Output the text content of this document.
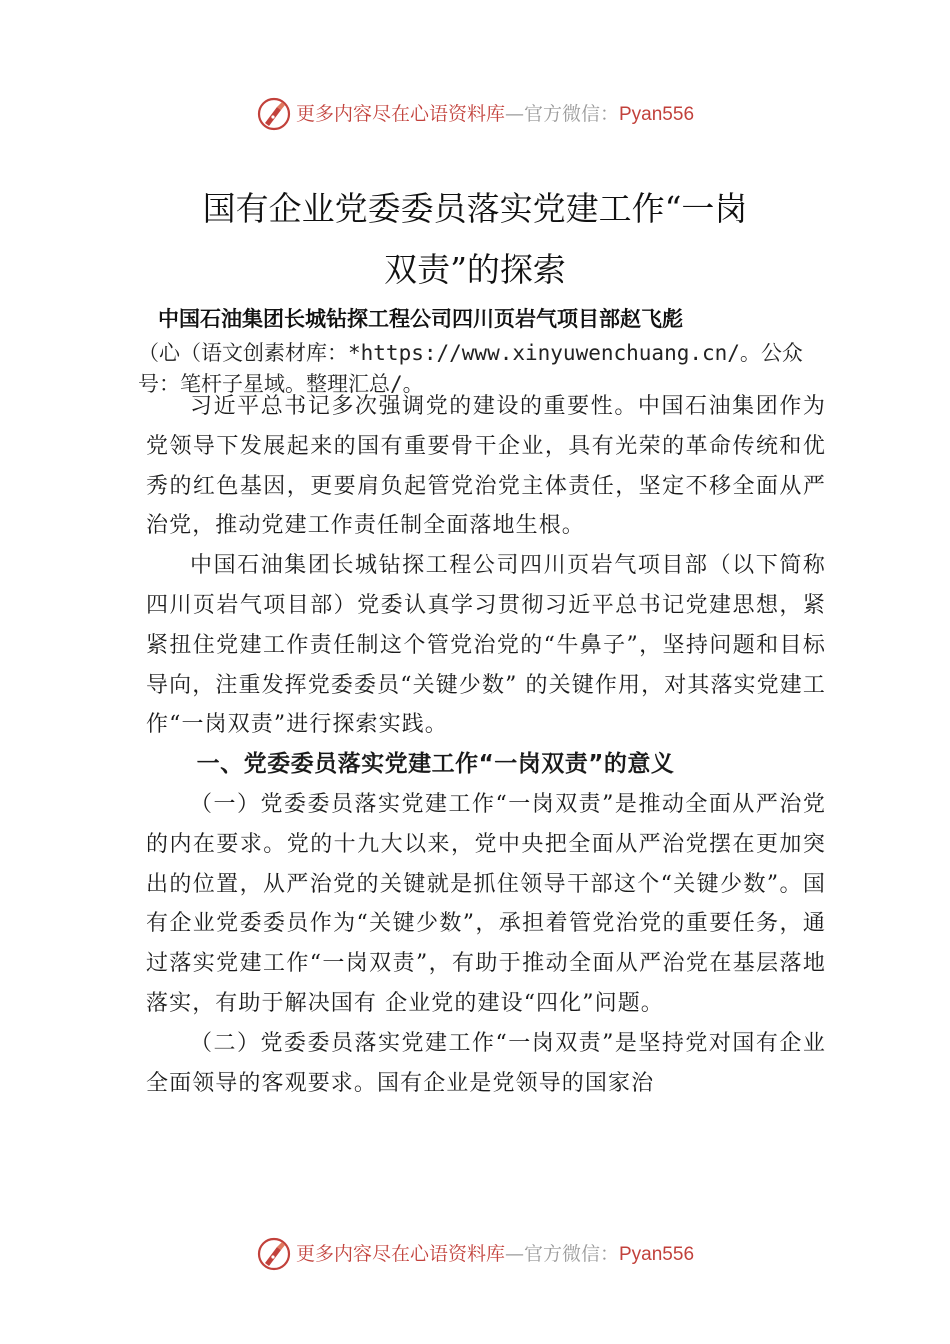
更多内容尽在心语资料库—官方微信：Pyan556
国有企业党委委员落实党建工作“一岗
双责”的探索

中国石油集团长城钻探工程公司四川页岩气项目部赵飞彪

（心（语文创素材库：*https://www.xinyuwenchuang.cn/。公众号：笔杆子星域。整理汇总/。

习近平总书记多次强调党的建设的重要性。中国石油集团作为党领导下发展起来的国有重要骨干企业，具有光荣的革命传统和优秀的红色基因，更要肩负起管党治党主体责任，坚定不移全面从严治党，推动党建工作责任制全面落地生根。

中国石油集团长城钻探工程公司四川页岩气项目部（以下简称四川页岩气项目部）党委认真学习贯彻习近平总书记党建思想，紧紧扭住党建工作责任制这个管党治党的“牛鼻子”，坚持问题和目标导向，注重发挥党委委员“关键少数” 的关键作用，对其落实党建工作“一岗双责”进行探索实践。

一、党委委员落实党建工作“一岗双责”的意义

（一）党委委员落实党建工作“一岗双责”是推动全面从严治党的内在要求。党的十九大以来，党中央把全面从严治党摆在更加突出的位置，从严治党的关键就是抓住领导干部这个“关键少数”。国有企业党委委员作为“关键少数”，承担着管党治党的重要任务，通过落实党建工作“一岗双责”，有助于推动全面从严治党在基层落地落实，有助于解决国有 企业党的建设“四化”问题。

（二）党委委员落实党建工作“一岗双责”是坚持党对国有企业全面领导的客观要求。国有企业是党领导的国家治

更多内容尽在心语资料库—官方微信：Pyan556
